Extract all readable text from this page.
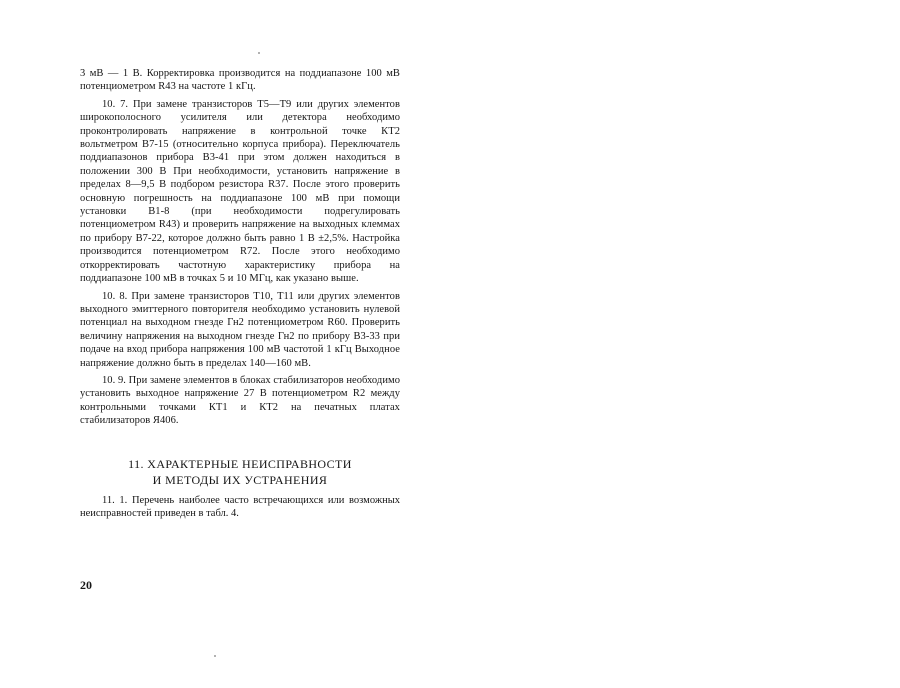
3 мВ — 1 В. Корректировка производится на поддиапазоне 100 мВ потенциометром R43 на частоте 1 кГц.

10. 7. При замене транзисторов Т5—Т9 или других элементов широкополосного усилителя или детектора необходимо проконтролировать напряжение в контрольной точке КТ2 вольтметром В7-15 (относительно корпуса прибора). Переключатель поддиапазонов прибора В3-41 при этом должен находиться в положении 300 В При необходимости, установить напряжение в пределах 8—9,5 В подбором резистора R37. После этого проверить основную погрешность на поддиапазоне 100 мВ при помощи установки В1-8 (при необходимости подрегулировать потенциометром R43) и проверить напряжение на выходных клеммах по прибору В7-22, которое должно быть равно 1 В ±2,5%. Настройка производится потенциометром R72. После этого необходимо откорректировать частотную характеристику прибора на поддиапазоне 100 мВ в точках 5 и 10 МГц, как указано выше.

10. 8. При замене транзисторов Т10, Т11 или других элементов выходного эмиттерного повторителя необходимо установить нулевой потенциал на выходном гнезде Гн2 потенциометром R60. Проверить величину напряжения на выходном гнезде Гн2 по прибору В3-33 при подаче на вход прибора напряжения 100 мВ частотой 1 кГц Выходное напряжение должно быть в пределах 140—160 мВ.

10. 9. При замене элементов в блоках стабилизаторов необходимо установить выходное напряжение 27 В потенциометром R2 между контрольными точками КТ1 и КТ2 на печатных платах стабилизаторов Я406.

11. ХАРАКТЕРНЫЕ НЕИСПРАВНОСТИ
И МЕТОДЫ ИХ УСТРАНЕНИЯ
11. 1. Перечень наиболее часто встречающихся или возможных неисправностей приведен в табл. 4.
20
